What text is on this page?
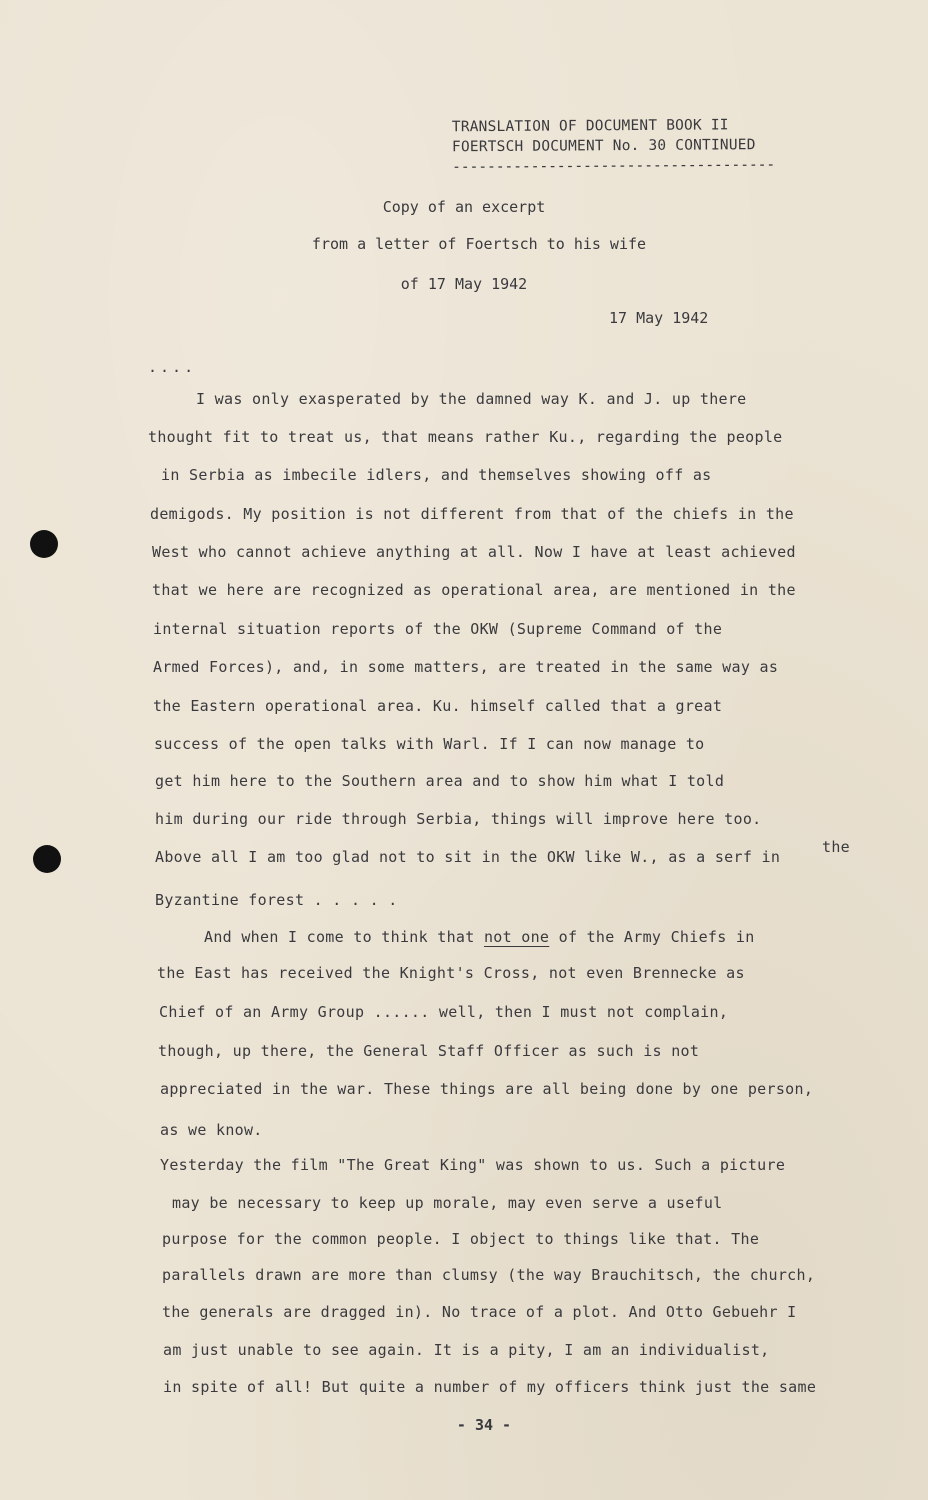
TRANSLATION OF DOCUMENT BOOK II
FOERTSCH DOCUMENT No. 30 CONTINUED
-------------------------------------
Copy of an excerpt
from a letter of Foertsch to his wife
of 17 May 1942
17 May 1942
....
I was only exasperated by the damned way K. and J. up there
thought fit to treat us, that means rather Ku., regarding the people
in Serbia as imbecile idlers, and themselves showing off as
demigods. My position is not different from that of the chiefs in the
West who cannot achieve anything at all. Now I have at least achieved
that we here are recognized as operational area, are mentioned in the
internal situation reports of the OKW (Supreme Command of the
Armed Forces), and, in some matters, are treated in the same way as
the Eastern operational area. Ku. himself called that a great
success of the open talks with Warl. If I can now manage to
get him here to the Southern area and to show him what I told
him during our ride through Serbia, things will improve here too.
Above all I am too glad not to sit in the OKW like W., as a serf in
the
Byzantine forest . . . . .
And when I come to think that not one of the Army Chiefs in
the East has received the Knight's Cross, not even Brennecke as
Chief of an Army Group ...... well, then I must not complain,
though, up there, the General Staff Officer as such is not
appreciated in the war. These things are all being done by one person,
as we know.
Yesterday the film "The Great King" was shown to us. Such a picture
may be necessary to keep up morale, may even serve a useful
purpose for the common people. I object to things like that. The
parallels drawn are more than clumsy (the way Brauchitsch, the church,
the generals are dragged in). No trace of a plot. And Otto Gebuehr I
am just unable to see again. It is a pity, I am an individualist,
in spite of all! But quite a number of my officers think just the same
- 34 -
